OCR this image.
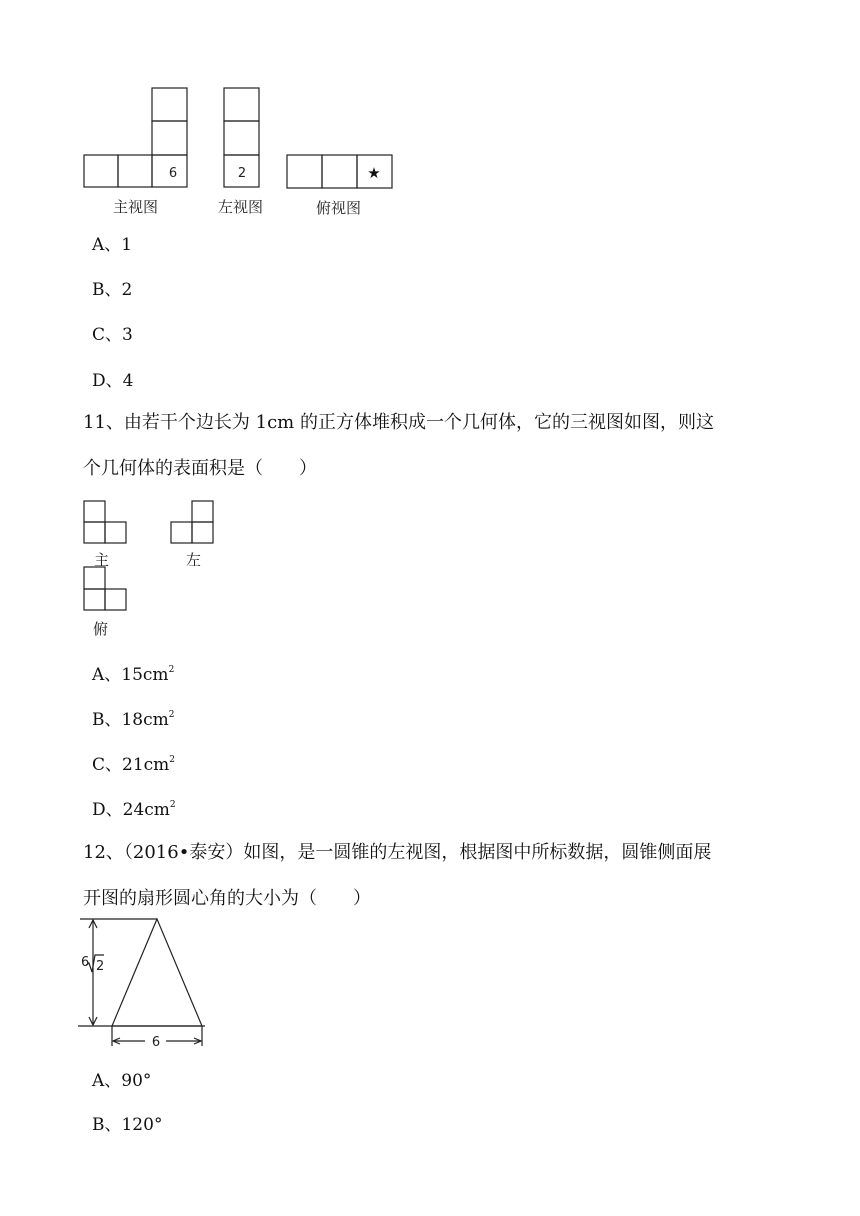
6	2	★
主视图	左视图	俯视图
A、1
B、2
C、3
D、4
11、由若干个边长为 1cm 的正方体堆积成一个几何体，它的三视图如图，则这
个几何体的表面积是（　　）
主	左
俯
A、$15cm^2$
B、$18cm^2$
C、$21cm^2$
D、$24cm^2$
12、（2016•泰安）如图，是一圆锥的左视图，根据图中所标数据，圆锥侧面展
开图的扇形圆心角的大小为（　　）
6 2
6
A、90°
B、120°
